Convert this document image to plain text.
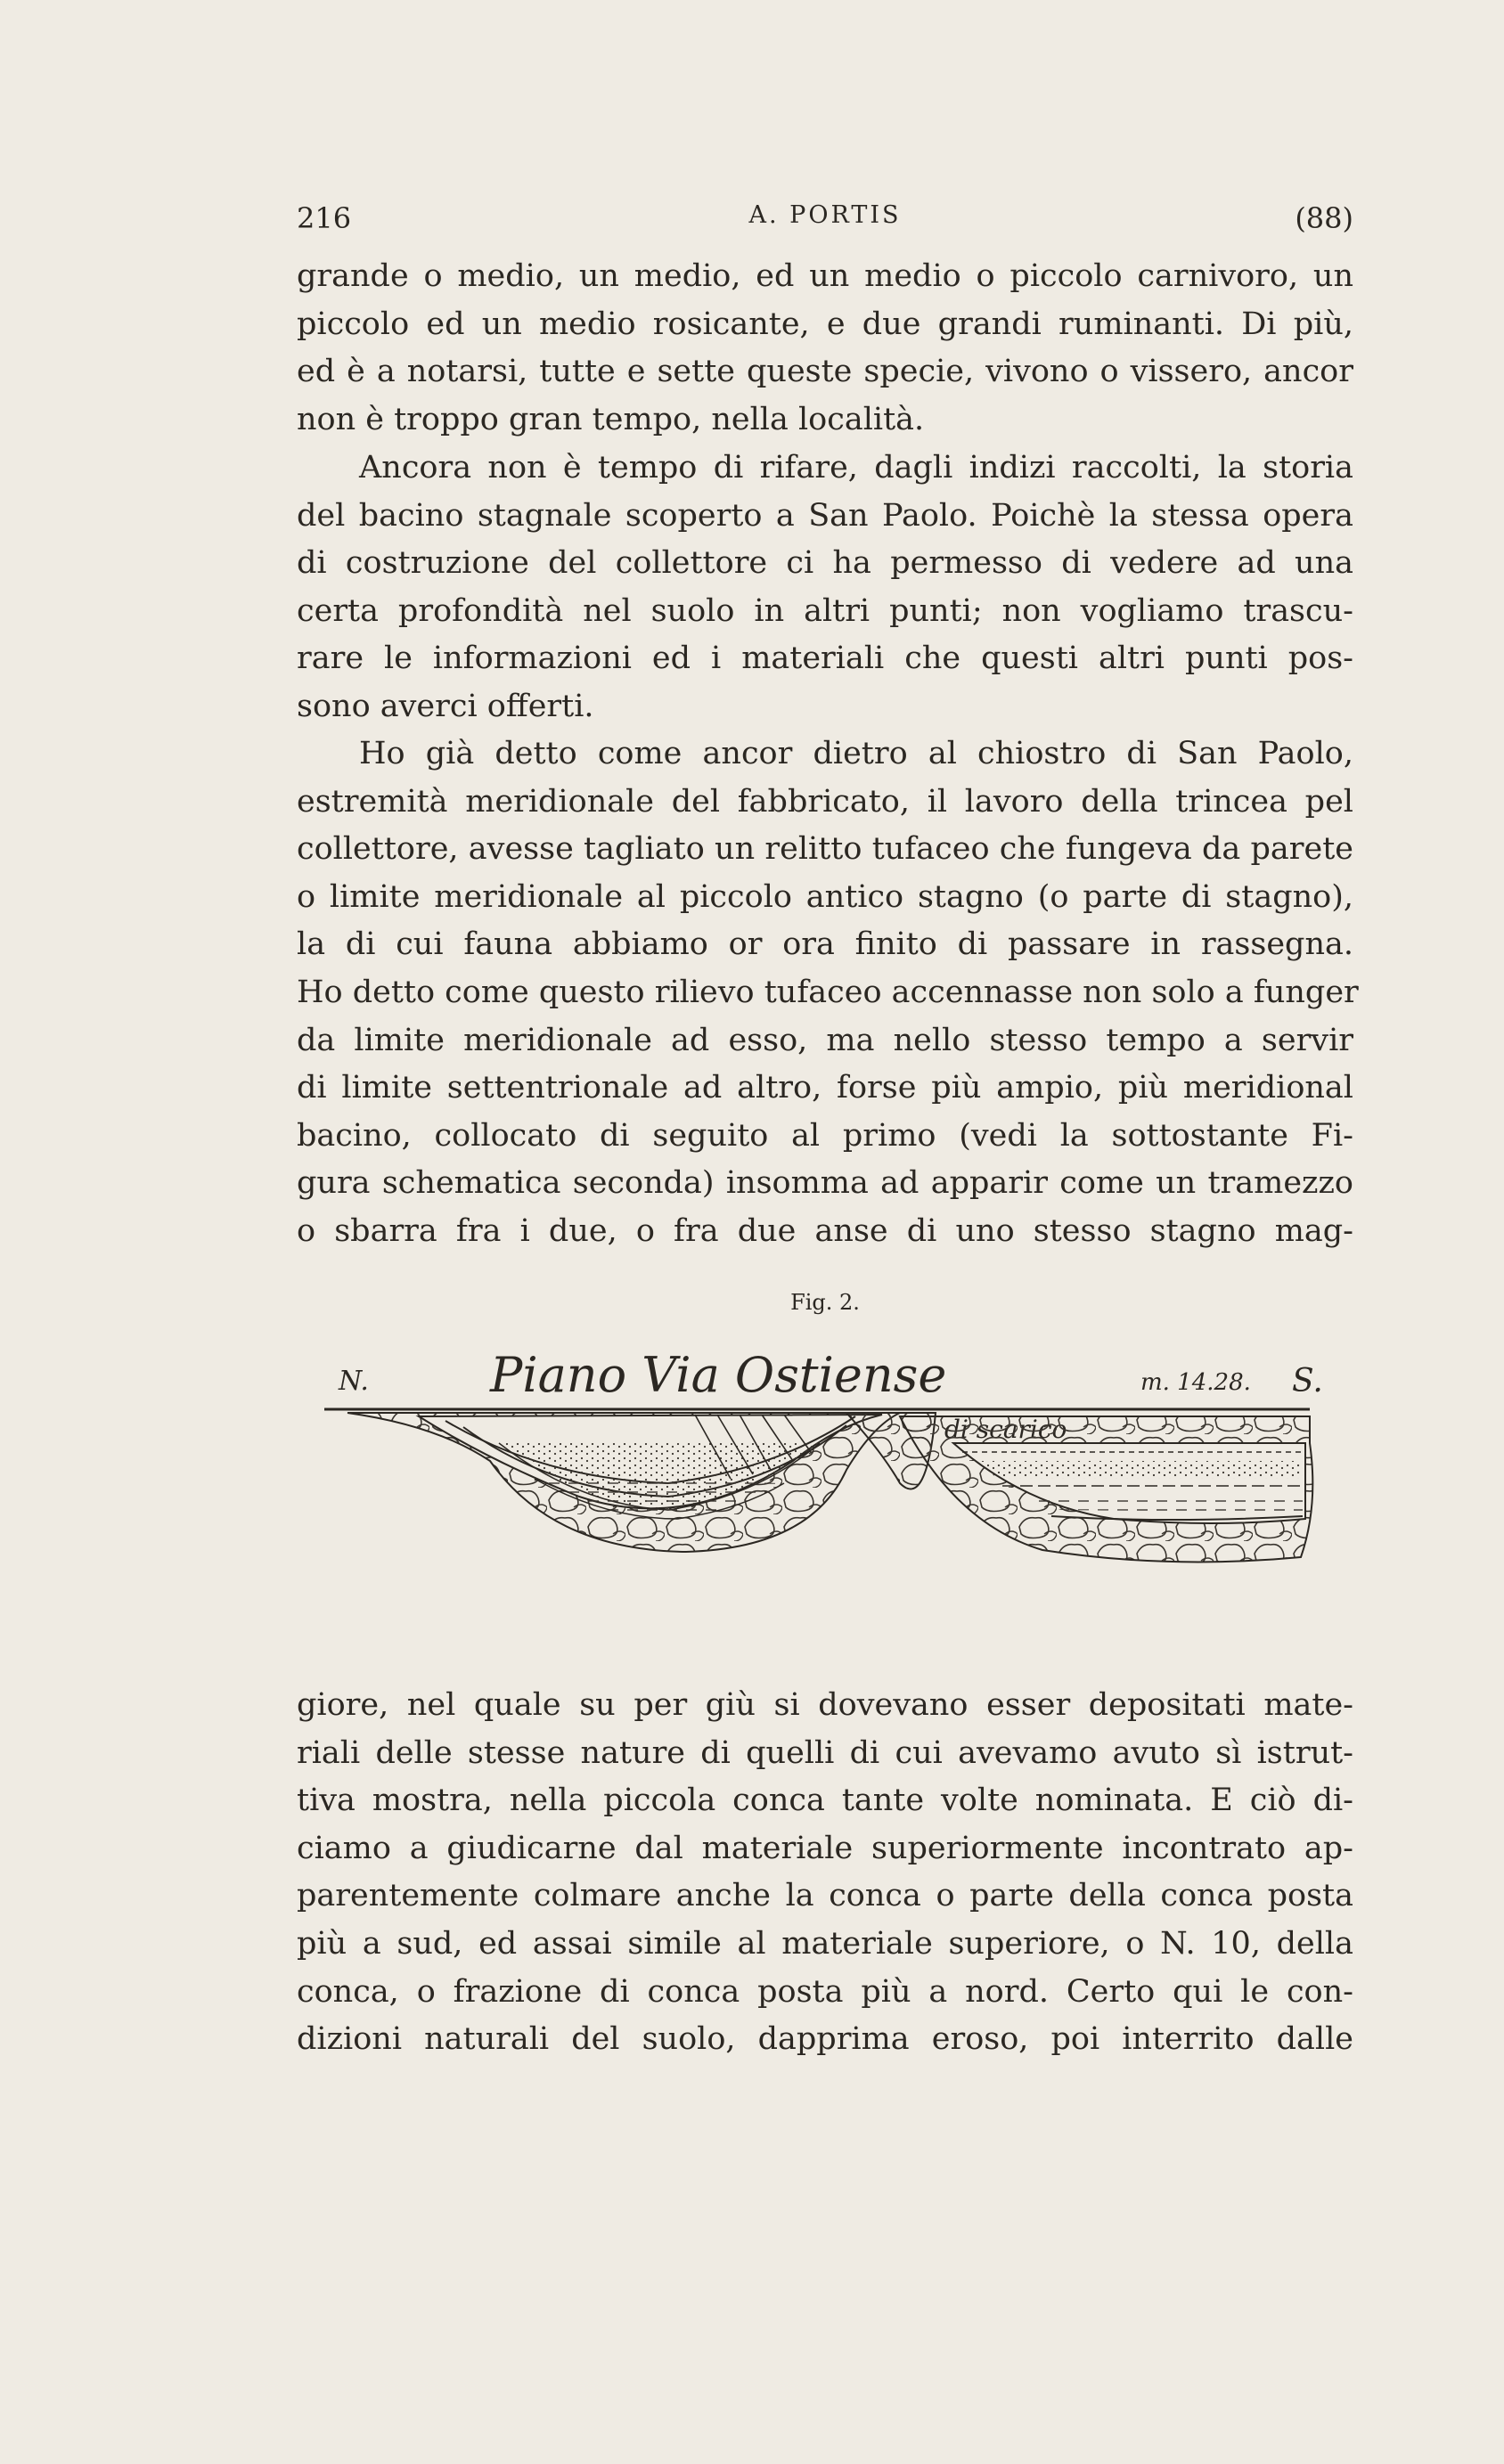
216	A. PORTIS	(88)
grande o medio, un medio, ed un medio o piccolo carnivoro, un
piccolo ed un medio rosicante, e due grandi ruminanti. Di più,
ed è a notarsi, tutte e sette queste specie, vivono o vissero, ancor
non è troppo gran tempo, nella località.
Ancora non è tempo di rifare, dagli indizi raccolti, la storia
del bacino stagnale scoperto a San Paolo. Poichè la stessa opera
di costruzione del collettore ci ha permesso di vedere ad una
certa profondità nel suolo in altri punti; non vogliamo trascu-
rare le informazioni ed i materiali che questi altri punti pos-
sono averci offerti.
Ho già detto come ancor dietro al chiostro di San Paolo,
estremità meridionale del fabbricato, il lavoro della trincea pel
collettore, avesse tagliato un relitto tufaceo che fungeva da parete
o limite meridionale al piccolo antico stagno (o parte di stagno),
la di cui fauna abbiamo or ora finito di passare in rassegna.
Ho detto come questo rilievo tufaceo accennasse non solo a funger
da limite meridionale ad esso, ma nello stesso tempo a servir
di limite settentrionale ad altro, forse più ampio, più meridional
bacino, collocato di seguito al primo (vedi la sottostante Fi-
gura schematica seconda) insomma ad apparir come un tramezzo
o sbarra fra i due, o fra due anse di uno stesso stagno mag-
Fig. 2.
N.	Piano Via Ostiense	m. 14.28. S.
giore, nel quale su per giù si dovevano esser depositati mate-
riali delle stesse nature di quelli di cui avevamo avuto sì istrut-
tiva mostra, nella piccola conca tante volte nominata. E ciò di-
ciamo a giudicarne dal materiale superiormente incontrato ap-
parentemente colmare anche la conca o parte della conca posta
più a sud, ed assai simile al materiale superiore, o N. 10, della
conca, o frazione di conca posta più a nord. Certo qui le con-
dizioni naturali del suolo, dapprima eroso, poi interrito dalle
